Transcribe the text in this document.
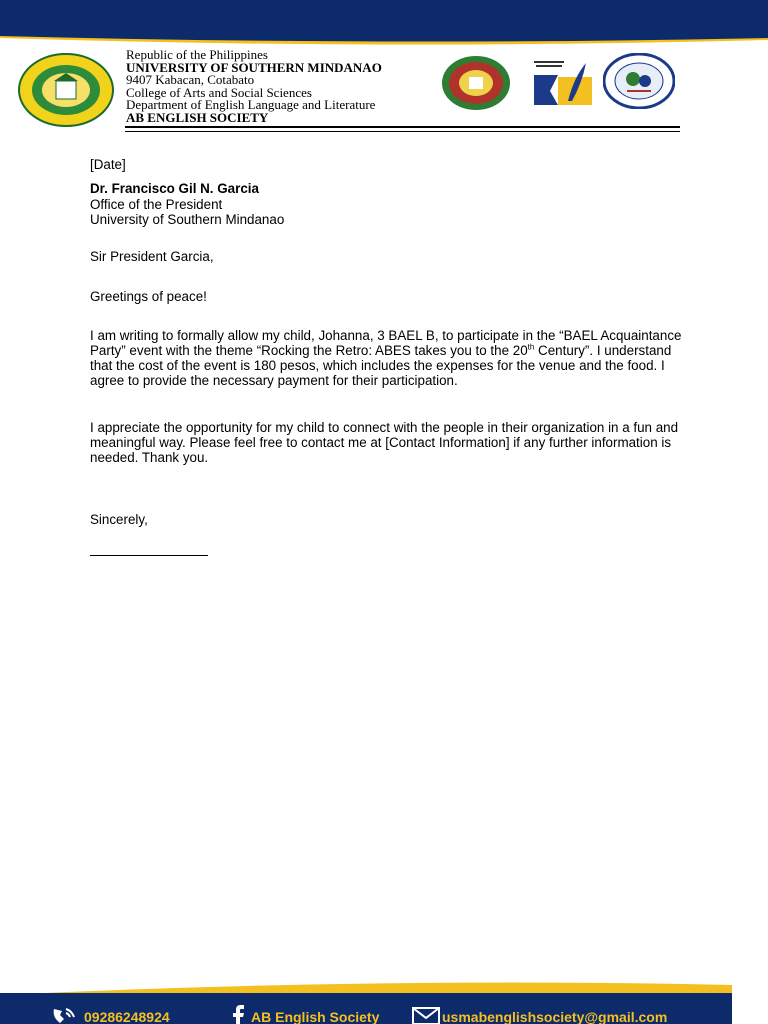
Republic of the Philippines
UNIVERSITY OF SOUTHERN MINDANAO
9407 Kabacan, Cotabato
College of Arts and Social Sciences
Department of English Language and Literature
AB ENGLISH SOCIETY
[Date]
Dr. Francisco Gil N. Garcia
Office of the President
University of Southern Mindanao
Sir President Garcia,
Greetings of peace!
I am writing to formally allow my child, Johanna, 3 BAEL B, to participate in the “BAEL Acquaintance Party” event with the theme “Rocking the Retro: ABES takes you to the 20th Century”. I understand that the cost of the event is 180 pesos, which includes the expenses for the venue and the food. I agree to provide the necessary payment for their participation.
I appreciate the opportunity for my child to connect with the people in their organization in a fun and meaningful way. Please feel free to contact me at [Contact Information] if any further information is needed. Thank you.
Sincerely,
09286248924	AB English Society	usmabenglishsociety@gmail.com
